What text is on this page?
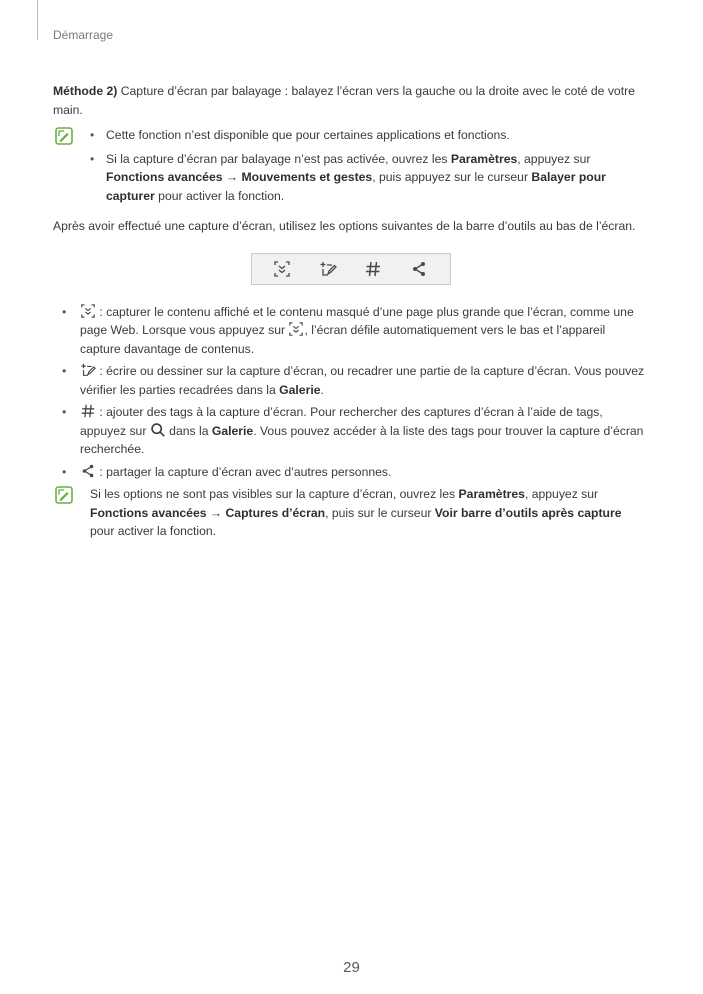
Démarrage

Méthode 2) Capture d’écran par balayage : balayez l’écran vers la gauche ou la droite avec le coté de votre main.

• Cette fonction n’est disponible que pour certaines applications et fonctions.
• Si la capture d’écran par balayage n’est pas activée, ouvrez les Paramètres, appuyez sur Fonctions avancées → Mouvements et gestes, puis appuyez sur le curseur Balayer pour capturer pour activer la fonction.

Après avoir effectué une capture d’écran, utilisez les options suivantes de la barre d’outils au bas de l’écran.

• : capturer le contenu affiché et le contenu masqué d’une page plus grande que l’écran, comme une page Web. Lorsque vous appuyez sur , l’écran défile automatiquement vers le bas et l’appareil capture davantage de contenus.
• : écrire ou dessiner sur la capture d’écran, ou recadrer une partie de la capture d’écran. Vous pouvez vérifier les parties recadrées dans la Galerie.
• : ajouter des tags à la capture d’écran. Pour rechercher des captures d’écran à l’aide de tags, appuyez sur  dans la Galerie. Vous pouvez accéder à la liste des tags pour trouver la capture d’écran recherchée.
• : partager la capture d’écran avec d’autres personnes.

Si les options ne sont pas visibles sur la capture d’écran, ouvrez les Paramètres, appuyez sur Fonctions avancées → Captures d’écran, puis sur le curseur Voir barre d’outils après capture pour activer la fonction.

29
